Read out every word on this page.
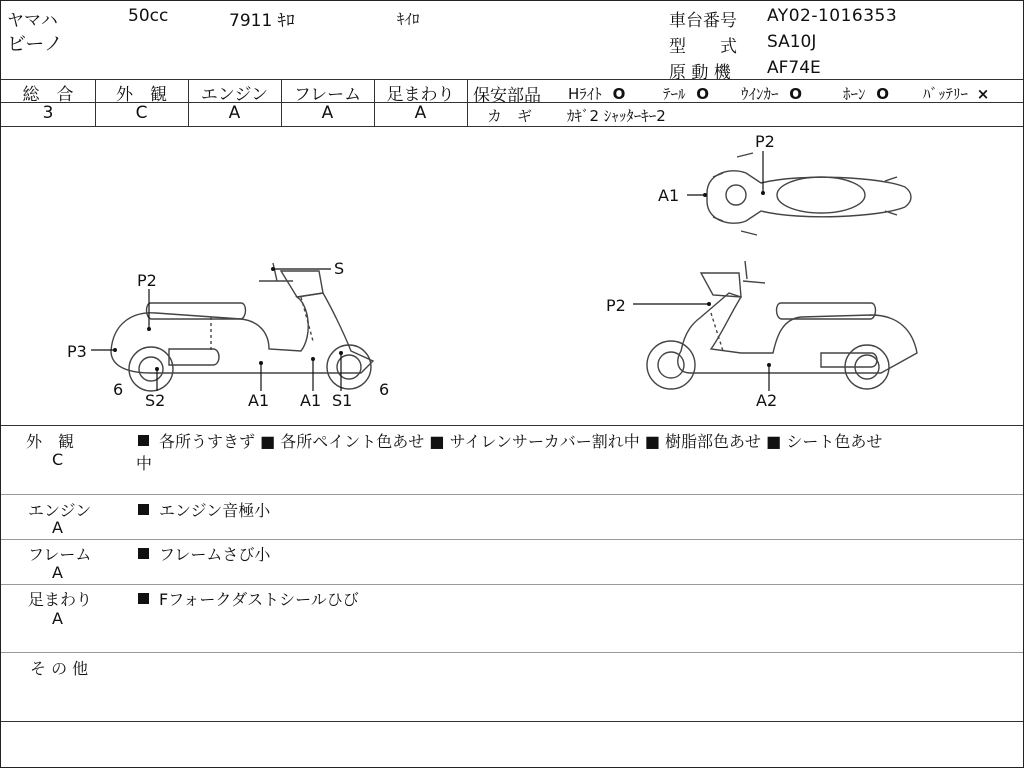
ヤマハ	50cc	7911 ｷﾛ	ｷｲﾛ
ビーノ
車台番号 AY02-1016353
型　　式 SA10J
原 動 機 AF74E
総　合
3
外　観
C
エンジン
A
フレーム
A
足まわり
A
保安部品 Hﾗｲﾄ O	ﾃｰﾙ O ｳｲﾝｶｰ O	ﾎｰﾝ O ﾊﾞｯﾃﾘｰ ×
カ　ギ ｶｷﾞ2 ｼｬｯﾀｰｷｰ2
P2
P3
S
6	6
S2	A1 A1 S1
P2
A1
P2
A2
外　観
C
各所うすきず ■ 各所ペイント色あせ ■ サイレンサーカバー割れ中 ■ 樹脂部色あせ ■ シート色あせ
中
エンジン
A
エンジン音極小
フレーム
A
フレームさび小
足まわり
A
Fフォークダストシールひび
そ の 他
